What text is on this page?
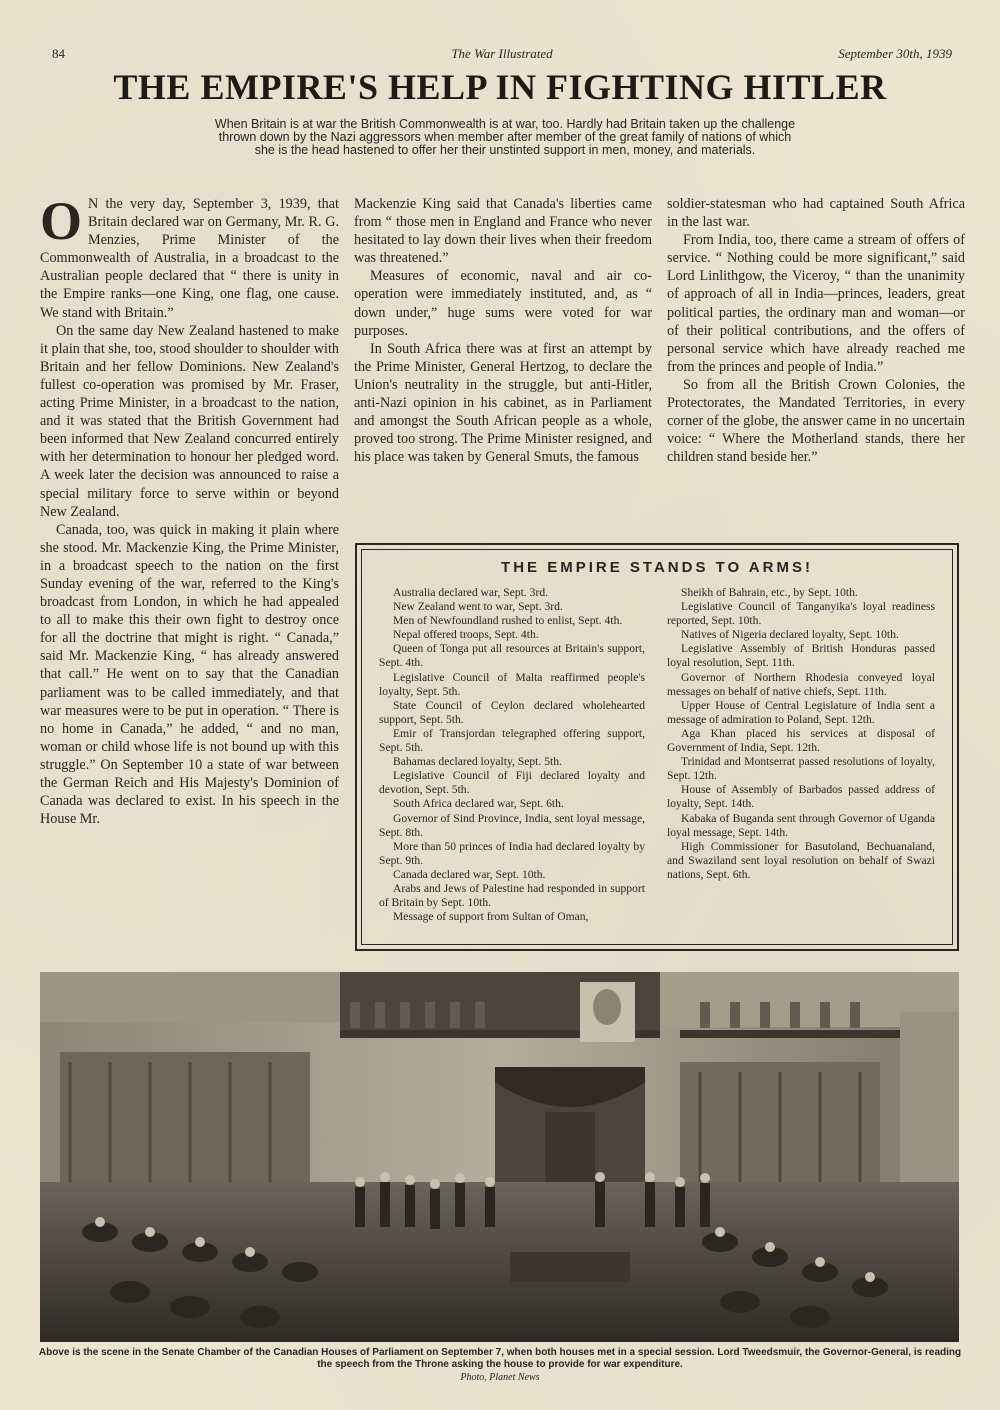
84	The War Illustrated	September 30th, 1939
THE EMPIRE'S HELP IN FIGHTING HITLER
When Britain is at war the British Commonwealth is at war, too. Hardly had Britain taken up the challenge thrown down by the Nazi aggressors when member after member of the great family of nations of which she is the head hastened to offer her their unstinted support in men, money, and materials.

O N the very day, September 3, 1939, that Britain declared war on Germany, Mr. R. G. Menzies, Prime Minister of the Commonwealth of Australia, in a broadcast to the Australian people declared that “ there is unity in the Empire ranks—one King, one flag, one cause. We stand with Britain.”

On the same day New Zealand hastened to make it plain that she, too, stood shoulder to shoulder with Britain and her fellow Dominions. New Zealand's fullest co-operation was promised by Mr. Fraser, acting Prime Minister, in a broadcast to the nation, and it was stated that the British Government had been informed that New Zealand concurred entirely with her determination to honour her pledged word. A week later the decision was announced to raise a special military force to serve within or beyond New Zealand.

Canada, too, was quick in making it plain where she stood. Mr. Mackenzie King, the Prime Minister, in a broadcast speech to the nation on the first Sunday evening of the war, referred to the King's broadcast from London, in which he had appealed to all to make this their own fight to destroy once for all the doctrine that might is right. “ Canada,” said Mr. Mackenzie King, “ has already answered that call.” He went on to say that the Canadian parliament was to be called immediately, and that war measures were to be put in operation. “ There is no home in Canada,” he added, “ and no man, woman or child whose life is not bound up with this struggle.” On September 10 a state of war between the German Reich and His Majesty's Dominion of Canada was declared to exist. In his speech in the House Mr.

Mackenzie King said that Canada's liberties came from “ those men in England and France who never hesitated to lay down their lives when their freedom was threatened.”

Measures of economic, naval and air co-operation were immediately instituted, and, as “ down under,” huge sums were voted for war purposes.

In South Africa there was at first an attempt by the Prime Minister, General Hertzog, to declare the Union's neutrality in the struggle, but anti-Hitler, anti-Nazi opinion in his cabinet, as in Parliament and amongst the South African people as a whole, proved too strong. The Prime Minister resigned, and his place was taken by General Smuts, the famous

soldier-statesman who had captained South Africa in the last war.

From India, too, there came a stream of offers of service. “ Nothing could be more significant,” said Lord Linlithgow, the Viceroy, “ than the unanimity of approach of all in India—princes, leaders, great political parties, the ordinary man and woman—or of their political contributions, and the offers of personal service which have already reached me from the princes and people of India.”

So from all the British Crown Colonies, the Protectorates, the Mandated Territories, in every corner of the globe, the answer came in no uncertain voice: “ Where the Motherland stands, there her children stand beside her.”

THE EMPIRE STANDS TO ARMS!

Australia declared war, Sept. 3rd.

New Zealand went to war, Sept. 3rd.

Men of Newfoundland rushed to enlist, Sept. 4th.

Nepal offered troops, Sept. 4th.

Queen of Tonga put all resources at Britain's support, Sept. 4th.

Legislative Council of Malta reaffirmed people's loyalty, Sept. 5th.

State Council of Ceylon declared wholehearted support, Sept. 5th.

Emir of Transjordan telegraphed offering support, Sept. 5th.

Bahamas declared loyalty, Sept. 5th.

Legislative Council of Fiji declared loyalty and devotion, Sept. 5th.

South Africa declared war, Sept. 6th.

Governor of Sind Province, India, sent loyal message, Sept. 8th.

More than 50 princes of India had declared loyalty by Sept. 9th.

Canada declared war, Sept. 10th.

Arabs and Jews of Palestine had responded in support of Britain by Sept. 10th.

Message of support from Sultan of Oman,

Sheikh of Bahrain, etc., by Sept. 10th.

Legislative Council of Tanganyika's loyal readiness reported, Sept. 10th.

Natives of Nigeria declared loyalty, Sept. 10th.

Legislative Assembly of British Honduras passed loyal resolution, Sept. 11th.

Governor of Northern Rhodesia conveyed loyal messages on behalf of native chiefs, Sept. 11th.

Upper House of Central Legislature of India sent a message of admiration to Poland, Sept. 12th.

Aga Khan placed his services at disposal of Government of India, Sept. 12th.

Trinidad and Montserrat passed resolutions of loyalty, Sept. 12th.

House of Assembly of Barbados passed address of loyalty, Sept. 14th.

Kabaka of Buganda sent through Governor of Uganda loyal message, Sept. 14th.

High Commissioner for Basutoland, Bechuanaland, and Swaziland sent loyal resolution on behalf of Swazi nations, Sept. 6th.

Above is the scene in the Senate Chamber of the Canadian Houses of Parliament on September 7, when both houses met in a special session. Lord Tweedsmuir, the Governor-General, is reading the speech from the Throne asking the house to provide for war expenditure.
Photo, Planet News
